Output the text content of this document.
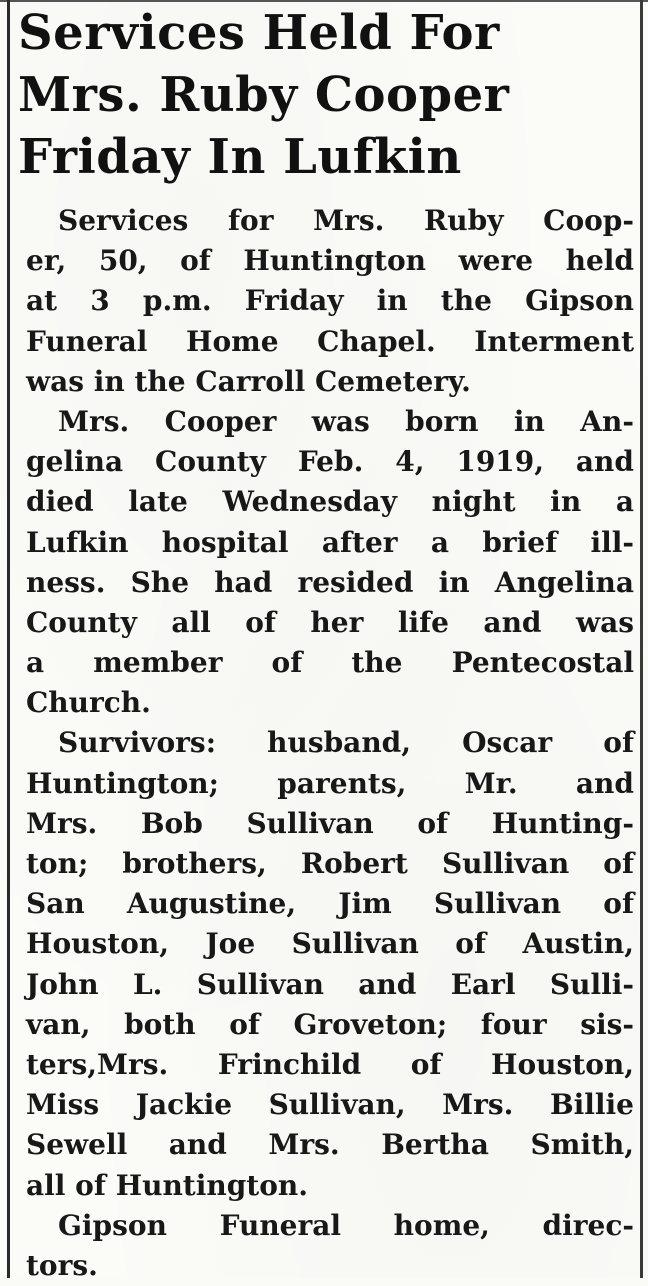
Services Held For
Mrs. Ruby Cooper
Friday In Lufkin
Services for Mrs. Ruby Coop-
er, 50, of Huntington were held
at 3 p.m. Friday in the Gipson
Funeral Home Chapel. Interment
was in the Carroll Cemetery.
Mrs. Cooper was born in An-
gelina County Feb. 4, 1919, and
died late Wednesday night in a
Lufkin hospital after a brief ill-
ness. She had resided in Angelina
County all of her life and was
a member of the Pentecostal
Church.
Survivors: husband, Oscar of
Huntington; parents, Mr. and
Mrs. Bob Sullivan of Hunting-
ton; brothers, Robert Sullivan of
San Augustine, Jim Sullivan of
Houston, Joe Sullivan of Austin,
John L. Sullivan and Earl Sulli-
van, both of Groveton; four sis-
ters,Mrs. Frinchild of Houston,
Miss Jackie Sullivan, Mrs. Billie
Sewell and Mrs. Bertha Smith,
all of Huntington.
Gipson Funeral home, direc-
tors.
